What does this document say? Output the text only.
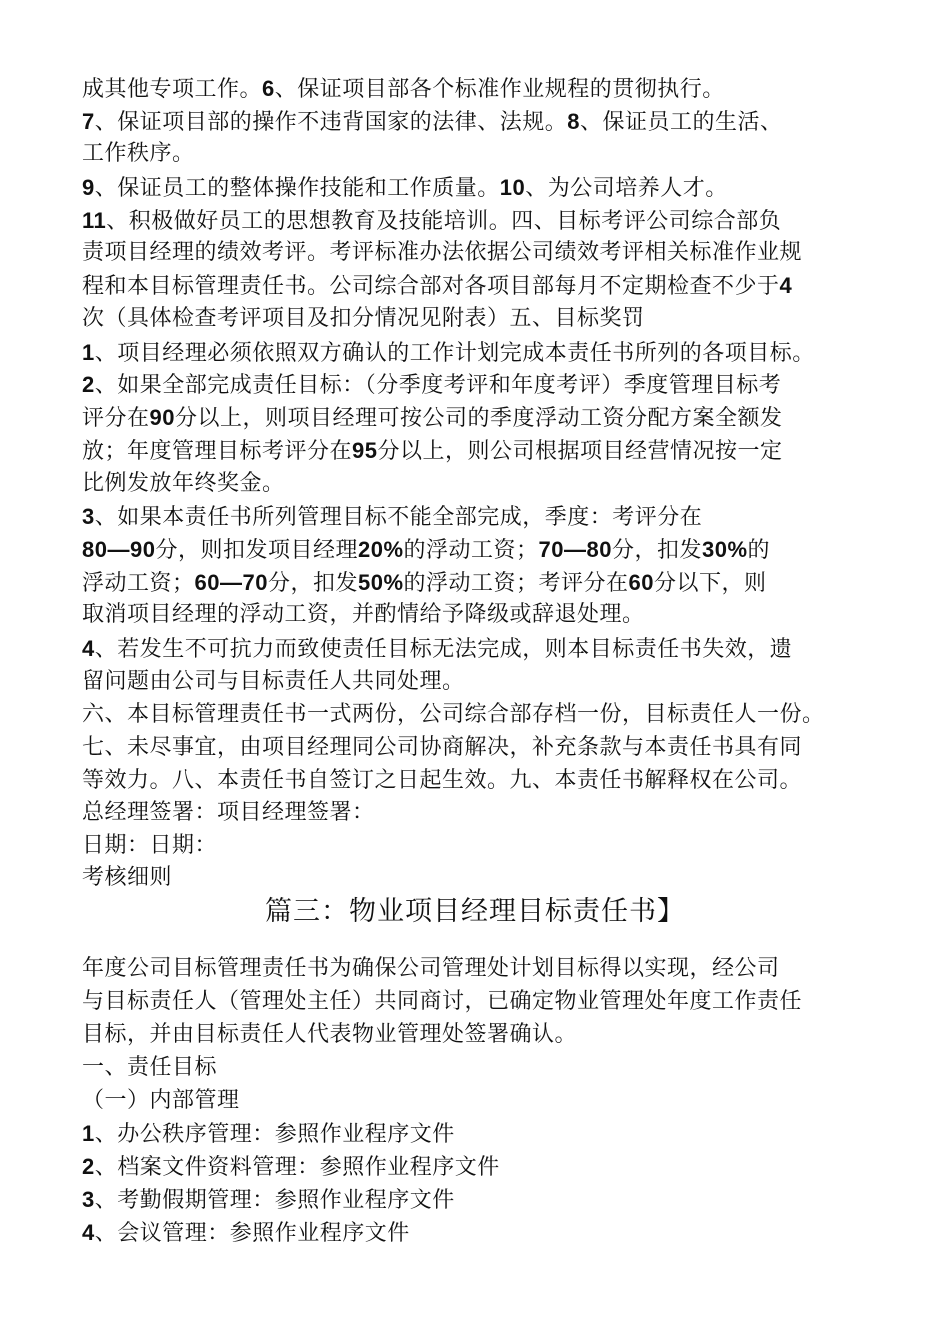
成其他专项工作。6、保证项目部各个标准作业规程的贯彻执行。
7、保证项目部的操作不违背国家的法律、法规。8、保证员工的生活、
工作秩序。
9、保证员工的整体操作技能和工作质量。10、为公司培养人才。
11、积极做好员工的思想教育及技能培训。四、目标考评公司综合部负
责项目经理的绩效考评。考评标准办法依据公司绩效考评相关标准作业规
程和本目标管理责任书。公司综合部对各项目部每月不定期检查不少于4
次（具体检查考评项目及扣分情况见附表）五、目标奖罚
1、项目经理必须依照双方确认的工作计划完成本责任书所列的各项目标。
2、如果全部完成责任目标：（分季度考评和年度考评）季度管理目标考
评分在90分以上，则项目经理可按公司的季度浮动工资分配方案全额发
放；年度管理目标考评分在95分以上，则公司根据项目经营情况按一定
比例发放年终奖金。
3、如果本责任书所列管理目标不能全部完成，季度：考评分在
80—90分，则扣发项目经理20%的浮动工资；70—80分，扣发30%的
浮动工资；60—70分，扣发50%的浮动工资；考评分在60分以下，则
取消项目经理的浮动工资，并酌情给予降级或辞退处理。
4、若发生不可抗力而致使责任目标无法完成，则本目标责任书失效，遗
留问题由公司与目标责任人共同处理。
六、本目标管理责任书一式两份，公司综合部存档一份，目标责任人一份。
七、未尽事宜，由项目经理同公司协商解决，补充条款与本责任书具有同
等效力。八、本责任书自签订之日起生效。九、本责任书解释权在公司。
总经理签署：项目经理签署：
日期：日期：
考核细则
篇三：物业项目经理目标责任书】
年度公司目标管理责任书为确保公司管理处计划目标得以实现，经公司
与目标责任人（管理处主任）共同商讨，已确定物业管理处年度工作责任
目标，并由目标责任人代表物业管理处签署确认。
一、责任目标
（一）内部管理
1、办公秩序管理：参照作业程序文件
2、档案文件资料管理：参照作业程序文件
3、考勤假期管理：参照作业程序文件
4、会议管理：参照作业程序文件
